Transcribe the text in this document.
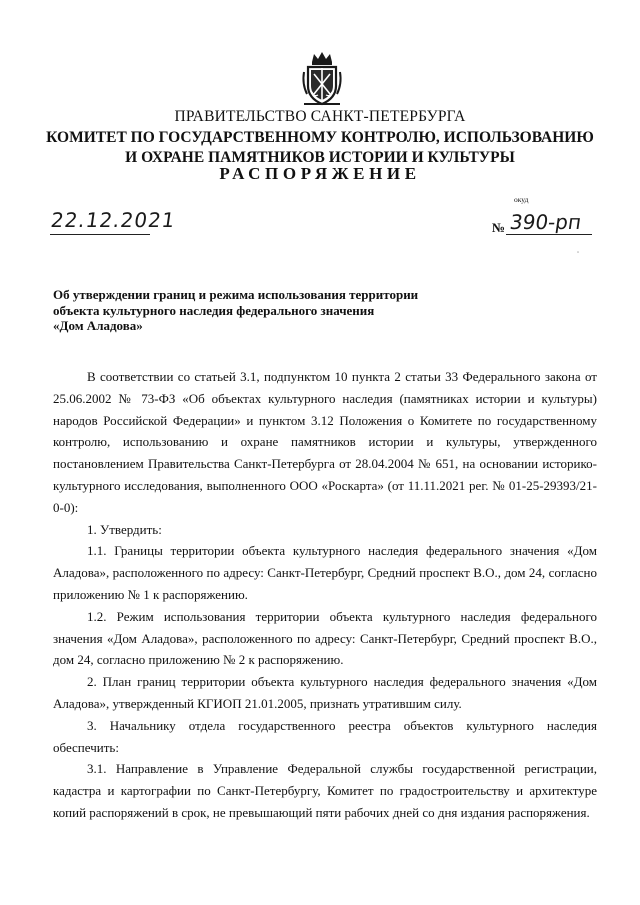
ПРАВИТЕЛЬСТВО САНКТ-ПЕТЕРБУРГА
КОМИТЕТ ПО ГОСУДАРСТВЕННОМУ КОНТРОЛЮ, ИСПОЛЬЗОВАНИЮ
И ОХРАНЕ ПАМЯТНИКОВ ИСТОРИИ И КУЛЬТУРЫ
РАСПОРЯЖЕНИЕ
окуд
22.12.2021	№ 390-рп
ˇ
Об утверждении границ и режима использования территории
объекта культурного наследия федерального значения
«Дом Аладова»

В соответствии со статьей 3.1, подпунктом 10 пункта 2 статьи 33 Федерального закона от 25.06.2002 № 73-ФЗ «Об объектах культурного наследия (памятниках истории и культуры) народов Российской Федерации» и пунктом 3.12 Положения о Комитете по государственному контролю, использованию и охране памятников истории и культуры, утвержденного постановлением Правительства Санкт-Петербурга от 28.04.2004 № 651, на основании историко-культурного исследования, выполненного ООО «Роскарта» (от 11.11.2021 рег. № 01-25-29393/21-0-0):

1. Утвердить:

1.1. Границы территории объекта культурного наследия федерального значения «Дом Аладова», расположенного по адресу: Санкт-Петербург, Средний проспект В.О., дом 24, согласно приложению № 1 к распоряжению.

1.2. Режим использования территории объекта культурного наследия федерального значения «Дом Аладова», расположенного по адресу: Санкт-Петербург, Средний проспект В.О., дом 24, согласно приложению № 2 к распоряжению.

2. План границ территории объекта культурного наследия федерального значения «Дом Аладова», утвержденный КГИОП 21.01.2005, признать утратившим силу.

3. Начальнику отдела государственного реестра объектов культурного наследия обеспечить:

3.1. Направление в Управление Федеральной службы государственной регистрации, кадастра и картографии по Санкт-Петербургу, Комитет по градостроительству и архитектуре копий распоряжений в срок, не превышающий пяти рабочих дней со дня издания распоряжения.
